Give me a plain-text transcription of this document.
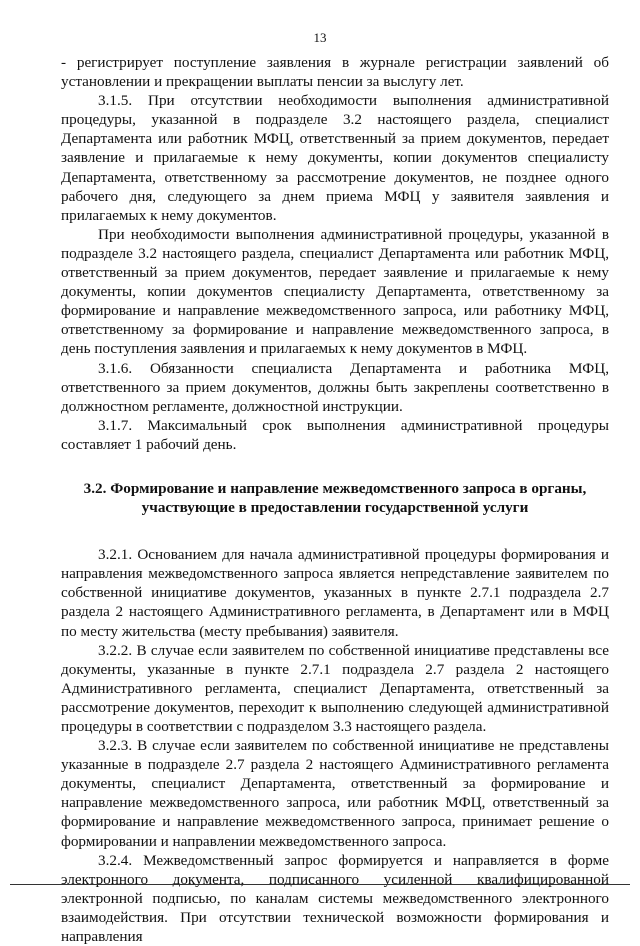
13

- регистрирует поступление заявления в журнале регистрации заявлений об установлении и прекращении выплаты пенсии за выслугу лет.

3.1.5. При отсутствии необходимости выполнения административной процедуры, указанной в подразделе 3.2 настоящего раздела, специалист Департамента или работник МФЦ, ответственный за прием документов, передает заявление и прилагаемые к нему документы, копии документов специалисту Департамента, ответственному за рассмотрение документов, не позднее одного рабочего дня, следующего за днем приема МФЦ у заявителя заявления и прилагаемых к нему документов.

При необходимости выполнения административной процедуры, указанной в подразделе 3.2 настоящего раздела, специалист Департамента или работник МФЦ, ответственный за прием документов, передает заявление и прилагаемые к нему документы, копии документов специалисту Департамента, ответственному за формирование и направление межведомственного запроса, или работнику МФЦ, ответственному за формирование и направление межведомственного запроса, в день поступления заявления и прилагаемых к нему документов в МФЦ.

3.1.6. Обязанности специалиста Департамента и работника МФЦ, ответственного за прием документов, должны быть закреплены соответственно в должностном регламенте, должностной инструкции.

3.1.7. Максимальный срок выполнения административной процедуры составляет 1 рабочий день.

3.2. Формирование и направление межведомственного запроса в органы, участвующие в предоставлении государственной услуги

3.2.1. Основанием для начала административной процедуры формирования и направления межведомственного запроса является непредставление заявителем по собственной инициативе документов, указанных в пункте 2.7.1 подраздела 2.7 раздела 2 настоящего Административного регламента, в Департамент или в МФЦ по месту жительства (месту пребывания) заявителя.

3.2.2. В случае если заявителем по собственной инициативе представлены все документы, указанные в пункте 2.7.1 подраздела 2.7 раздела 2 настоящего Административного регламента, специалист Департамента, ответственный за рассмотрение документов, переходит к выполнению следующей административной процедуры в соответствии с подразделом 3.3 настоящего раздела.

3.2.3. В случае если заявителем по собственной инициативе не представлены указанные в подразделе 2.7 раздела 2 настоящего Административного регламента документы, специалист Департамента, ответственный за формирование и направление межведомственного запроса, или работник МФЦ, ответственный за формирование и направление межведомственного запроса, принимает решение о формировании и направлении межведомственного запроса.

3.2.4. Межведомственный запрос формируется и направляется в форме электронного документа, подписанного усиленной квалифицированной электронной подписью, по каналам системы межведомственного электронного взаимодействия. При отсутствии технической возможности формирования и направления
